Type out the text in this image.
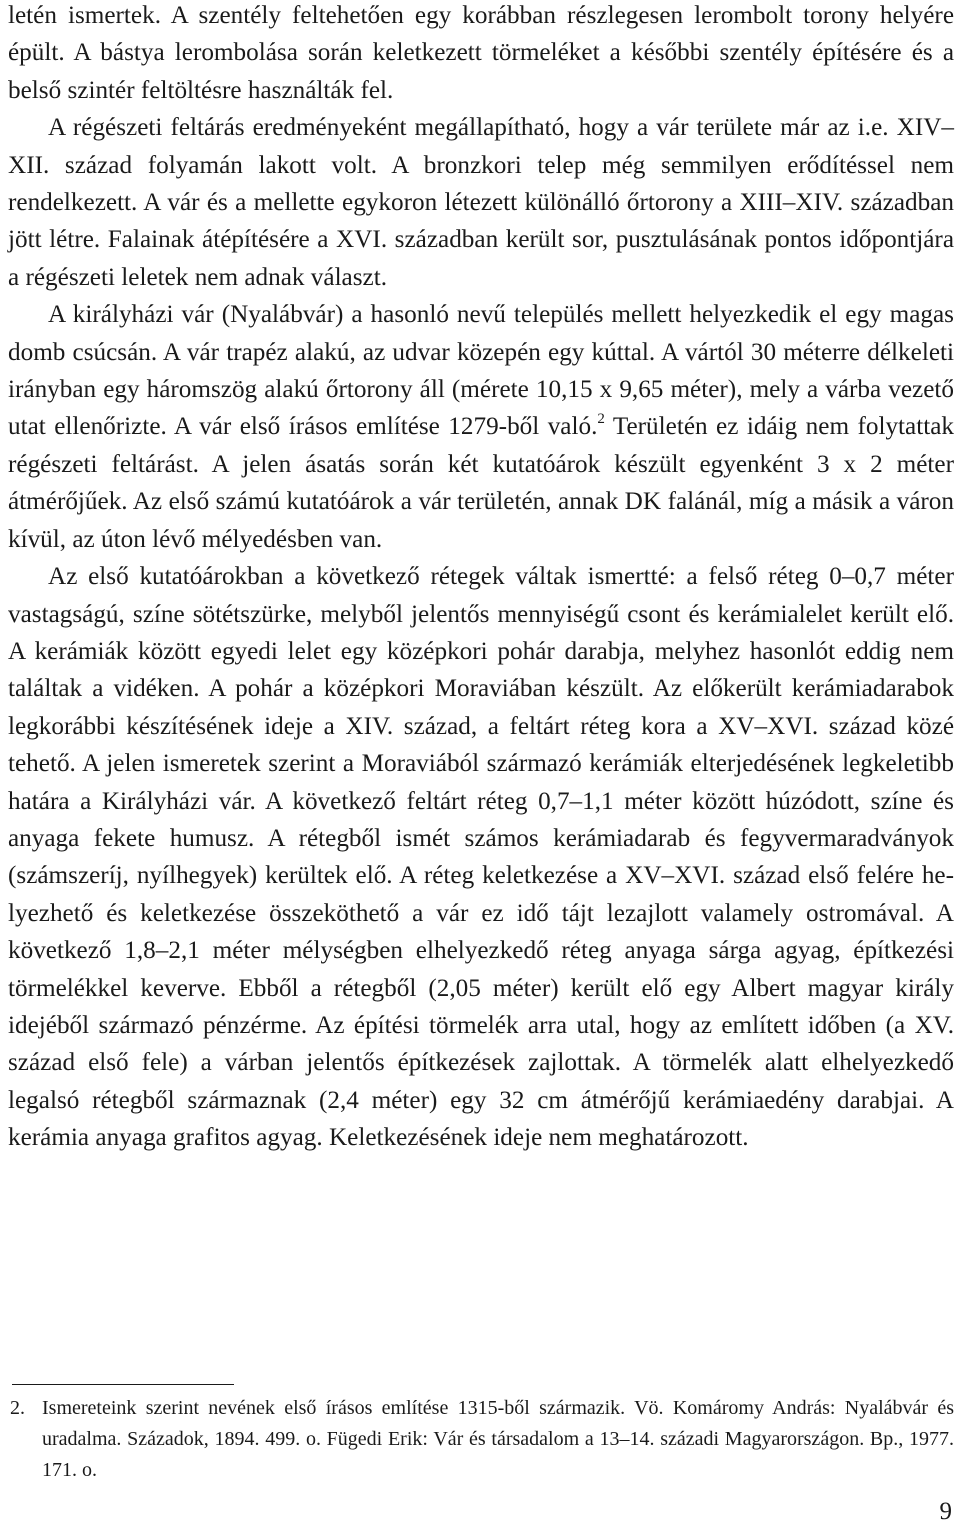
letén ismertek. A szentély feltehetően egy korábban részlegesen lerombolt torony helyére épült. A bástya lerombolása során keletkezett törmeléket a későbbi szentély építésére és a belső szintér feltöltésre használták fel.

A régészeti feltárás eredményeként megállapítható, hogy a vár területe már az i.e. XIV–XII. század folyamán lakott volt. A bronzkori telep még semmilyen erődítéssel nem rendelkezett. A vár és a mellette egykoron létezett különálló őrtorony a XIII–XIV. században jött létre. Falainak átépítésére a XVI. században került sor, pusztulásának pontos időpontjára a régészeti leletek nem adnak választ.

A királyházi vár (Nyalábvár) a hasonló nevű település mellett helyezkedik el egy magas domb csúcsán. A vár trapéz alakú, az udvar közepén egy kúttal. A vártól 30 méterre délkeleti irányban egy háromszög alakú őrtorony áll (mérete 10,15 x 9,65 méter), mely a várba vezető utat ellenőrizte. A vár első írásos említése 1279-ből való.$^2$ Területén ez idáig nem folytattak régészeti feltárást. A jelen ásatás során két kutatóárok készült egyenként 3 x 2 méter átmérőjűek. Az első számú kutatóárok a vár területén, annak DK falánál, míg a másik a váron kívül, az úton lévő mélyedésben van.

Az első kutatóárokban a következő rétegek váltak ismertté: a felső réteg 0–0,7 méter vastagságú, színe sötétszürke, melyből jelentős mennyiségű csont és kerámialelet került elő. A kerámiák között egyedi lelet egy középkori pohár darabja, melyhez hasonlót eddig nem találtak a vidéken. A pohár a középkori Moraviában készült. Az előkerült kerámiadarabok legkorábbi készítésének ideje a XIV. század, a feltárt réteg kora a XV–XVI. század közé tehető. A jelen ismeretek szerint a Moraviából származó kerámiák elterjedésének legkeletibb határa a Királyházi vár. A következő feltárt réteg 0,7–1,1 méter között húzódott, színe és anyaga fekete humusz. A rétegből ismét számos kerámiadarab és fegyvermaradványok (számszeríj, nyílhegyek) kerültek elő. A réteg keletkezése a XV–XVI. század első felére helyezhető és keletkezése összeköthető a vár ez idő tájt lezajlott valamely ostromával. A következő 1,8–2,1 méter mélységben elhelyezkedő réteg anyaga sárga agyag, építkezési törmelékkel keverve. Ebből a rétegből (2,05 méter) került elő egy Albert magyar király idejéből származó pénzérme. Az építési törmelék arra utal, hogy az említett időben (a XV. század első fele) a várban jelentős építkezések zajlottak. A törmelék alatt elhelyezkedő legalsó rétegből származnak (2,4 méter) egy 32 cm átmérőjű kerámiaedény darabjai. A kerámia anyaga grafitos agyag. Keletkezésének ideje nem meghatározott.

2. Ismereteink szerint nevének első írásos említése 1315-ből származik. Vö. Komáromy András: Nyalábvár és uradalma. Századok, 1894. 499. o. Fügedi Erik: Vár és társadalom a 13–14. századi Magyarországon. Bp., 1977. 171. o.

9
